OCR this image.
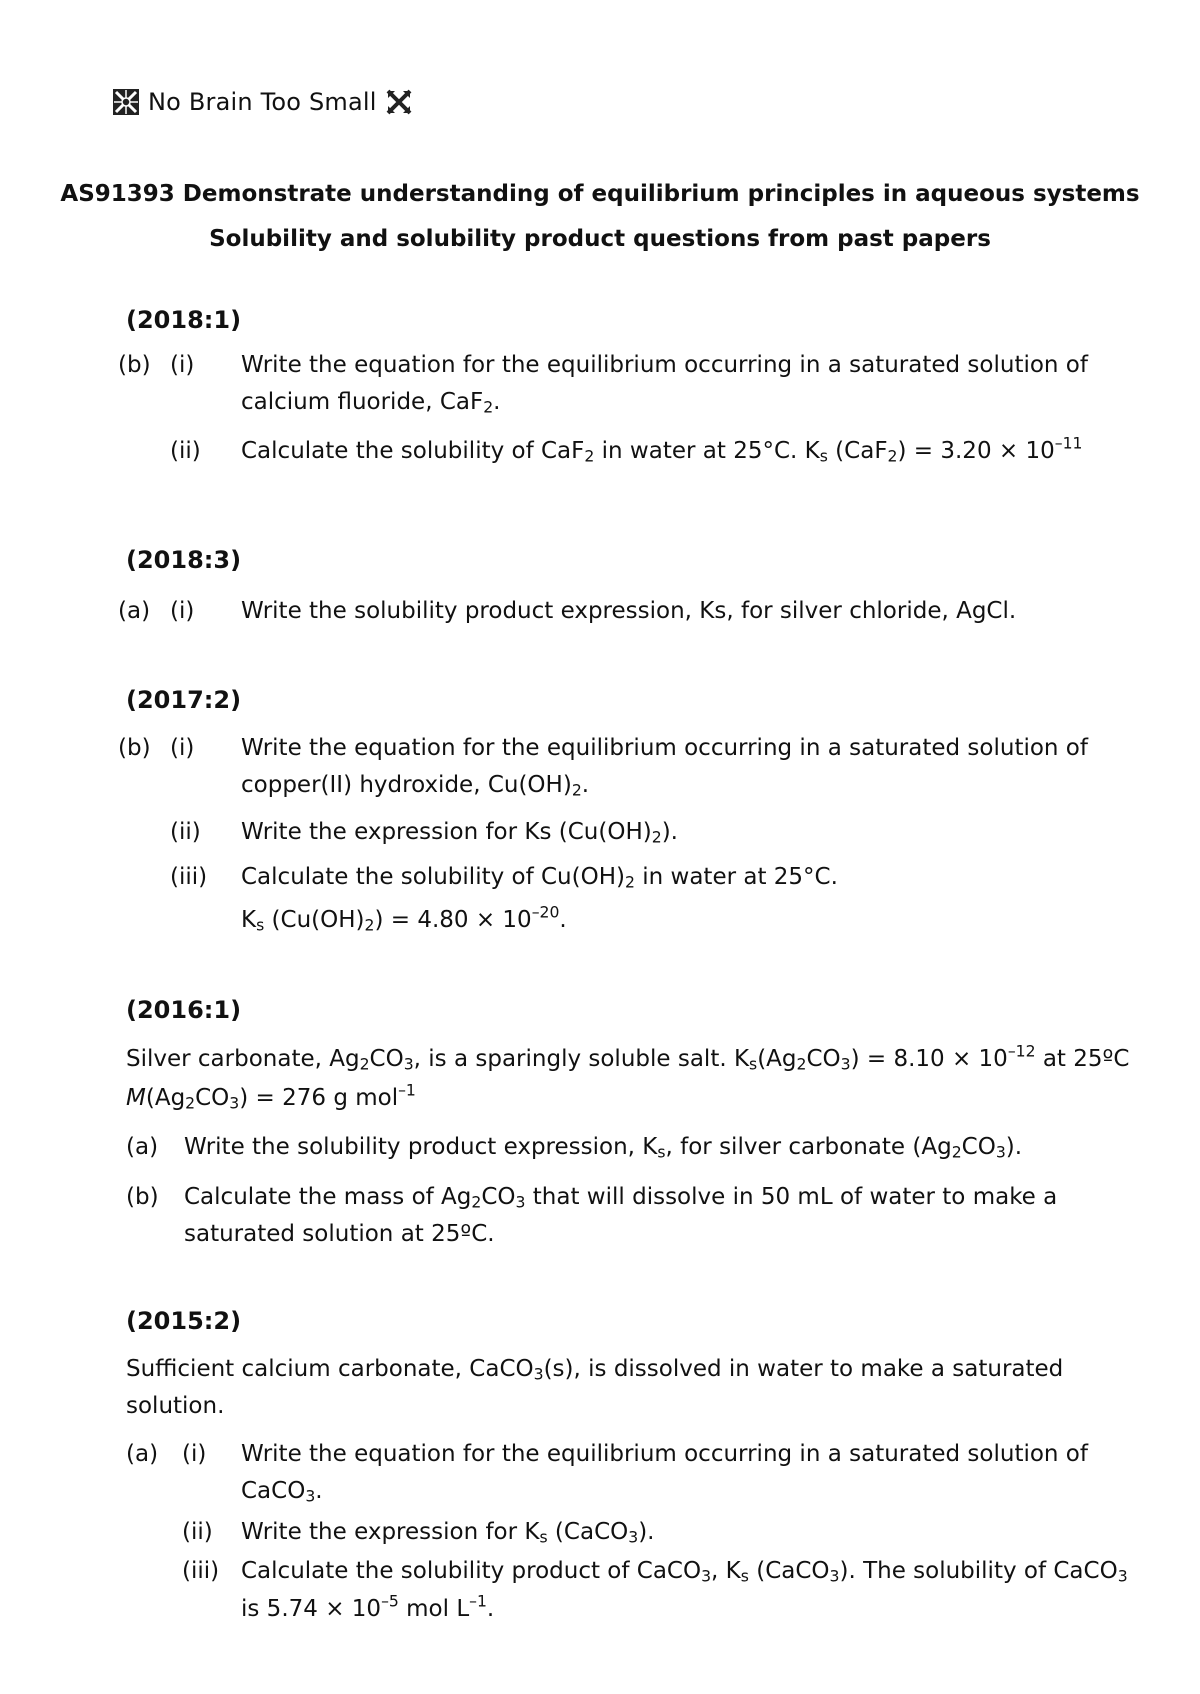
No Brain Too Small
AS91393 Demonstrate understanding of equilibrium principles in aqueous systems
Solubility and solubility product questions from past papers
(2018:1)
(b) (i) Write the equation for the equilibrium occurring in a saturated solution of
calcium fluoride, CaF$_2$.
(ii) Calculate the solubility of CaF$_2$ in water at 25°C. $K_s$ $(CaF_2) = 3.20 \times 10^{-11}$
(2018:3)
(a) (i) Write the solubility product expression, Ks, for silver chloride, AgCl.
(2017:2)
(b) (i) Write the equation for the equilibrium occurring in a saturated solution of
copper(II) hydroxide, $Cu(OH)_2$.
(ii) Write the expression for Ks $(Cu(OH)_2)$.
(iii) Calculate the solubility of $Cu(OH)_2$ in water at 25°C.
$K_s$ $(Cu(OH)_2) = 4.80 \times 10^{-20}$.
(2016:1)
Silver carbonate, $Ag_2CO_3$, is a sparingly soluble salt. $K_s(Ag_2CO_3) = 8.10 \times 10^{-12}$ at 25ºC
$M(Ag_2CO_3) = 276$ g mol$^{-1}$
(a) Write the solubility product expression, $K_s$, for silver carbonate $(Ag_2CO_3)$.
(b) Calculate the mass of $Ag_2CO_3$ that will dissolve in 50 mL of water to make a
saturated solution at 25ºC.
(2015:2)
Sufficient calcium carbonate, CaCO$_3$(s), is dissolved in water to make a saturated
solution.
(a) (i) Write the equation for the equilibrium occurring in a saturated solution of
CaCO$_3$.
(ii) Write the expression for $K_s$ (CaCO$_3$).
(iii) Calculate the solubility product of CaCO$_3$, $K_s$ (CaCO$_3$). The solubility of CaCO$_3$
is $5.74 \times 10^{-5}$ mol $L^{-1}$.
